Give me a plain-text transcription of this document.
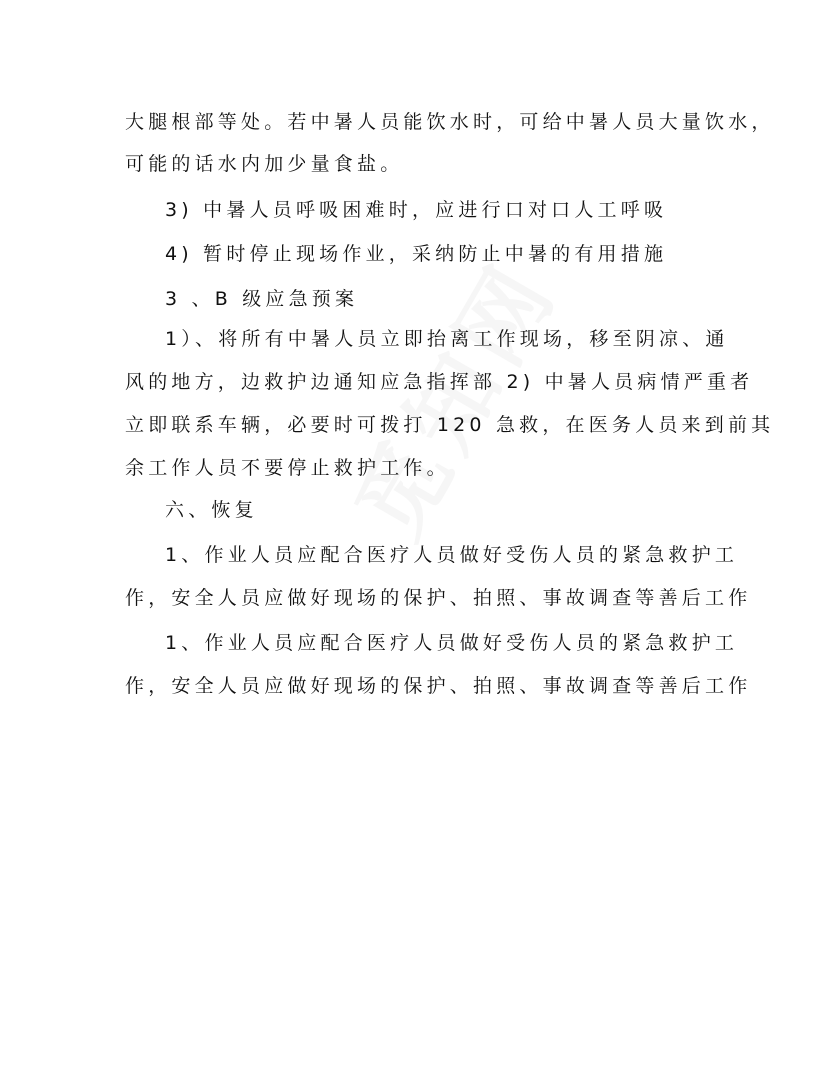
大腿根部等处。若中暑人员能饮水时，可给中暑人员大量饮水，
可能的话水内加少量食盐。
3) 中暑人员呼吸困难时，应进行口对口人工呼吸
4) 暂时停止现场作业，采纳防止中暑的有用措施
3 、B 级应急预案
1）、将所有中暑人员立即抬离工作现场，移至阴凉、通
风的地方，边救护边通知应急指挥部 2) 中暑人员病情严重者
立即联系车辆，必要时可拨打 120 急救，在医务人员来到前其
余工作人员不要停止救护工作。
六、恢复
1、作业人员应配合医疗人员做好受伤人员的紧急救护工
作，安全人员应做好现场的保护、拍照、事故调查等善后工作
1、作业人员应配合医疗人员做好受伤人员的紧急救护工
作，安全人员应做好现场的保护、拍照、事故调查等善后工作
